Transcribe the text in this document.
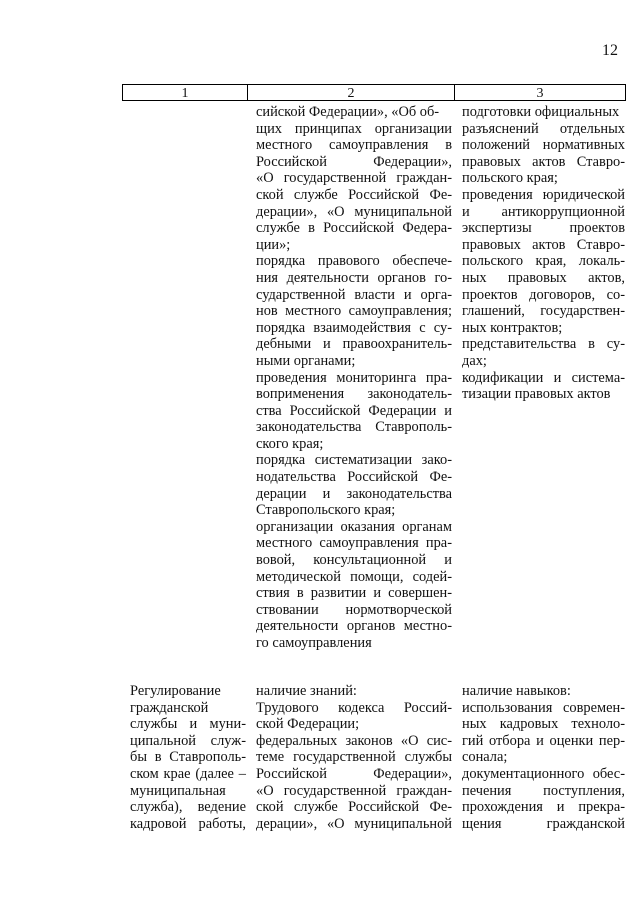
12
1	2	3
сийской Федерации», «Об об-
щих принципах организации
местного самоуправления в
Российской Федерации»,
«О государственной граждан-
ской службе Российской Фе-
дерации», «О муниципальной
службе в Российской Федера-
ции»;
порядка правового обеспече-
ния деятельности органов го-
сударственной власти и орга-
нов местного самоуправления;
порядка взаимодействия с су-
дебными и правоохранитель-
ными органами;
проведения мониторинга пра-
воприменения законодатель-
ства Российской Федерации и
законодательства Ставрополь-
ского края;
порядка систематизации зако-
нодательства Российской Фе-
дерации и законодательства
Ставропольского края;
организации оказания органам
местного самоуправления пра-
вовой, консультационной и
методической помощи, содей-
ствия в развитии и совершен-
ствовании нормотворческой
деятельности органов местно-
го самоуправления
подготовки официальных
разъяснений отдельных
положений нормативных
правовых актов Ставро-
польского края;
проведения юридической
и антикоррупционной
экспертизы проектов
правовых актов Ставро-
польского края, локаль-
ных правовых актов,
проектов договоров, со-
глашений, государствен-
ных контрактов;
представительства в су-
дах;
кодификации и система-
тизации правовых актов
Регулирование
гражданской
службы и муни-
ципальной служ-
бы в Ставрополь-
ском крае (далее –
муниципальная
служба), ведение
кадровой работы,
наличие знаний:
Трудового кодекса Россий-
ской Федерации;
федеральных законов «О сис-
теме государственной службы
Российской Федерации»,
«О государственной граждан-
ской службе Российской Фе-
дерации», «О муниципальной
наличие навыков:
использования современ-
ных кадровых техноло-
гий отбора и оценки пер-
сонала;
документационного обес-
печения поступления,
прохождения и прекра-
щения гражданской
